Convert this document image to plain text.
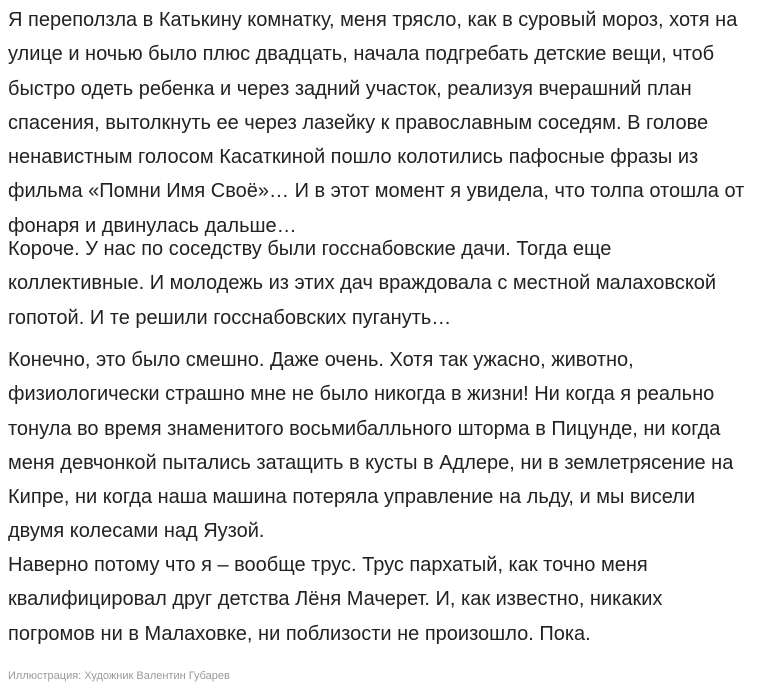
Я переползла в Катькину комнатку, меня трясло, как в суровый мороз, хотя на
улице и ночью было плюс двадцать, начала подгребать детские вещи, чтоб
быстро одеть ребенка и через задний участок, реализуя вчерашний план
спасения, вытолкнуть ее через лазейку к православным соседям. В голове
ненавистным голосом Касаткиной пошло колотились пафосные фразы из
фильма «Помни Имя Своё»… И в этот момент я увидела, что толпа отошла от
фонаря и двинулась дальше…

Короче. У нас по соседству были госснабовские дачи. Тогда еще
коллективные. И молодежь из этих дач враждовала с местной малаховской
гопотой. И те решили госснабовских пугануть…

Конечно, это было смешно. Даже очень. Хотя так ужасно, животно,
физиологически страшно мне не было никогда в жизни! Ни когда я реально
тонула во время знаменитого восьмибалльного шторма в Пицунде, ни когда
меня девчонкой пытались затащить в кусты в Адлере, ни в землетрясение на
Кипре, ни когда наша машина потеряла управление на льду, и мы висели
двумя колесами над Яузой.

Наверно потому что я – вообще трус. Трус пархатый, как точно меня
квалифицировал друг детства Лёня Мачерет. И, как известно, никаких
погромов ни в Малаховке, ни поблизости не произошло. Пока.

Иллюстрация: Художник Валентин Губарев
